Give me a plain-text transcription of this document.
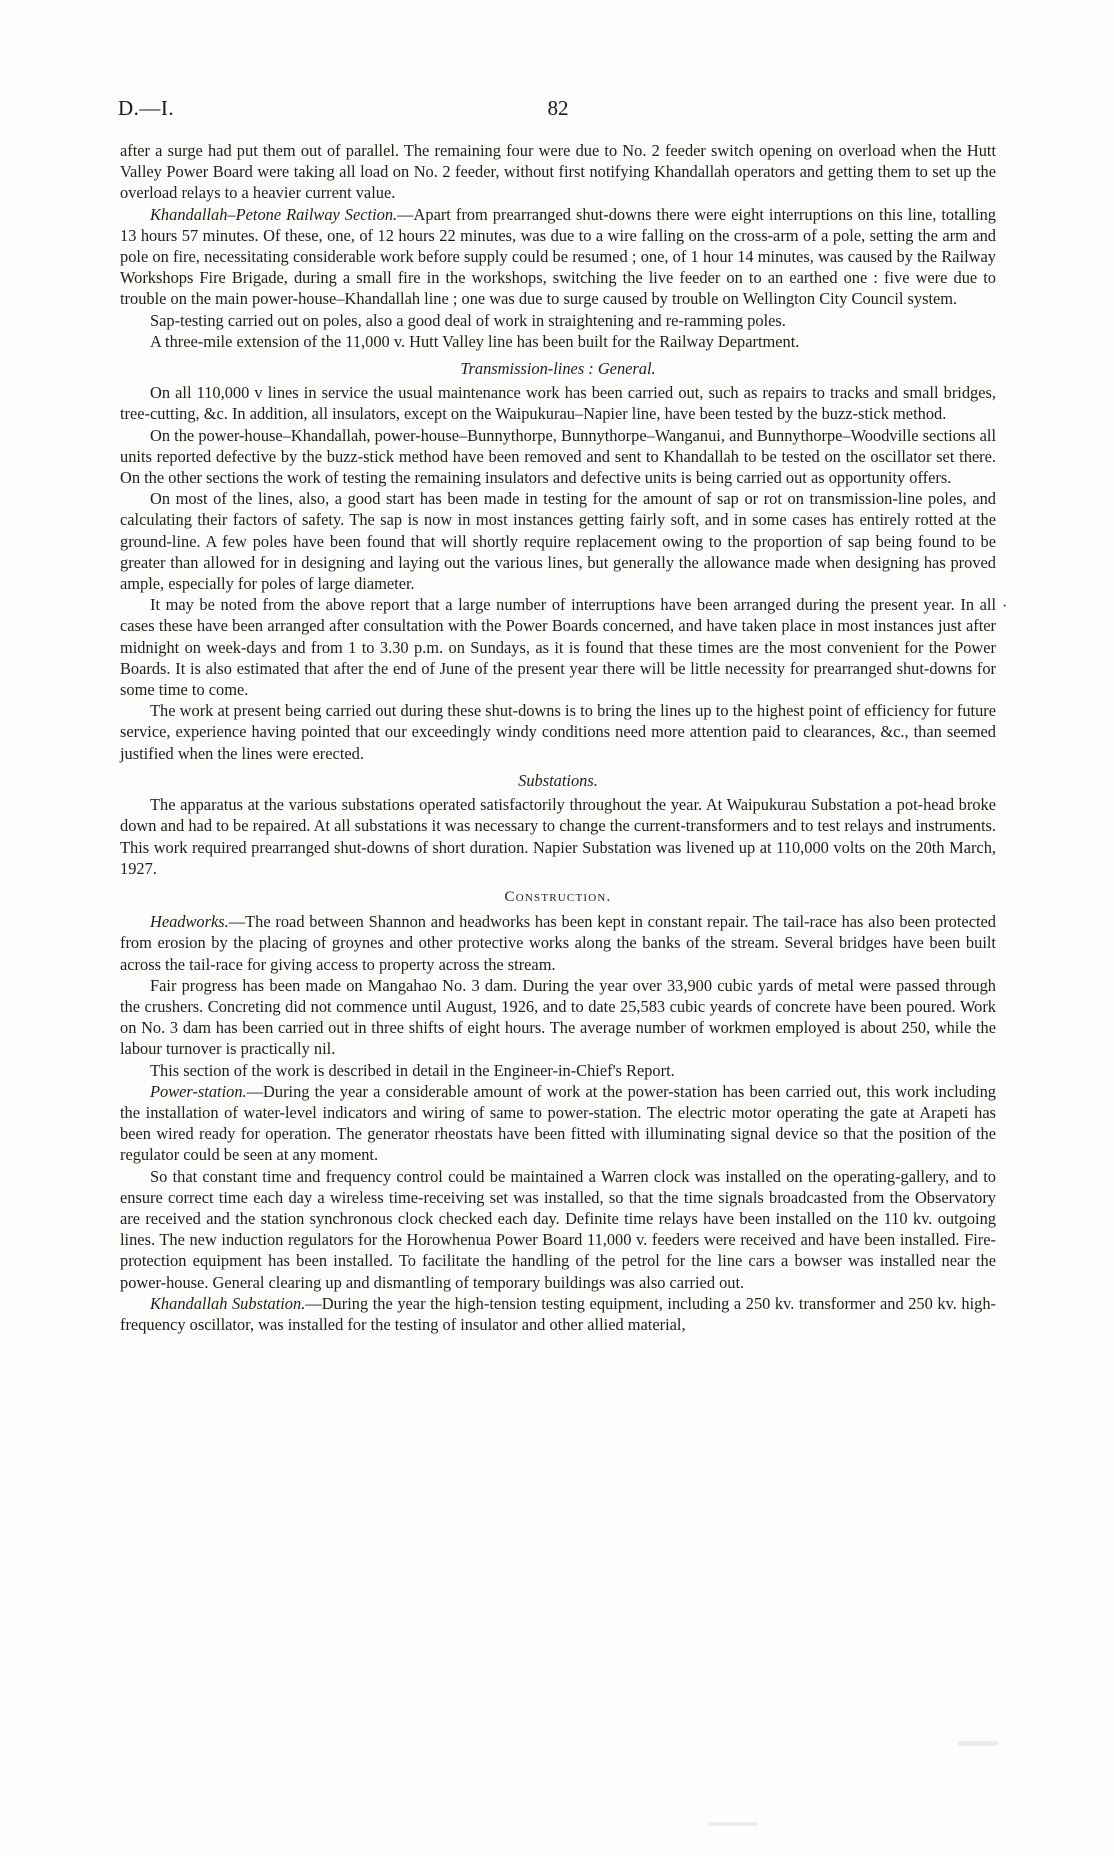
D.—I.	82

after a surge had put them out of parallel. The remaining four were due to No. 2 feeder switch opening on overload when the Hutt Valley Power Board were taking all load on No. 2 feeder, without first notifying Khandallah operators and getting them to set up the overload relays to a heavier current value.

Khandallah–Petone Railway Section.—Apart from prearranged shut-downs there were eight interruptions on this line, totalling 13 hours 57 minutes. Of these, one, of 12 hours 22 minutes, was due to a wire falling on the cross-arm of a pole, setting the arm and pole on fire, necessitating considerable work before supply could be resumed ; one, of 1 hour 14 minutes, was caused by the Railway Workshops Fire Brigade, during a small fire in the workshops, switching the live feeder on to an earthed one : five were due to trouble on the main power-house–Khandallah line ; one was due to surge caused by trouble on Wellington City Council system.

Sap-testing carried out on poles, also a good deal of work in straightening and re-ramming poles.

A three-mile extension of the 11,000 v. Hutt Valley line has been built for the Railway Department.

Transmission-lines : General.

On all 110,000 v lines in service the usual maintenance work has been carried out, such as repairs to tracks and small bridges, tree-cutting, &c. In addition, all insulators, except on the Waipukurau–Napier line, have been tested by the buzz-stick method.

On the power-house–Khandallah, power-house–Bunnythorpe, Bunnythorpe–Wanganui, and Bunnythorpe–Woodville sections all units reported defective by the buzz-stick method have been removed and sent to Khandallah to be tested on the oscillator set there. On the other sections the work of testing the remaining insulators and defective units is being carried out as opportunity offers.

On most of the lines, also, a good start has been made in testing for the amount of sap or rot on transmission-line poles, and calculating their factors of safety. The sap is now in most instances getting fairly soft, and in some cases has entirely rotted at the ground-line. A few poles have been found that will shortly require replacement owing to the proportion of sap being found to be greater than allowed for in designing and laying out the various lines, but generally the allowance made when designing has proved ample, especially for poles of large diameter.

It may be noted from the above report that a large number of interruptions have been arranged during the present year. In all cases these have been arranged after consultation with the Power Boards concerned, and have taken place in most instances just after midnight on week-days and from 1 to 3.30 p.m. on Sundays, as it is found that these times are the most convenient for the Power Boards. It is also estimated that after the end of June of the present year there will be little necessity for prearranged shut-downs for some time to come.

The work at present being carried out during these shut-downs is to bring the lines up to the highest point of efficiency for future service, experience having pointed that our exceedingly windy conditions need more attention paid to clearances, &c., than seemed justified when the lines were erected.

Substations.

The apparatus at the various substations operated satisfactorily throughout the year. At Waipukurau Substation a pot-head broke down and had to be repaired. At all substations it was necessary to change the current-transformers and to test relays and instruments. This work required prearranged shut-downs of short duration. Napier Substation was livened up at 110,000 volts on the 20th March, 1927.

Construction.

Headworks.—The road between Shannon and headworks has been kept in constant repair. The tail-race has also been protected from erosion by the placing of groynes and other protective works along the banks of the stream. Several bridges have been built across the tail-race for giving access to property across the stream.

Fair progress has been made on Mangahao No. 3 dam. During the year over 33,900 cubic yards of metal were passed through the crushers. Concreting did not commence until August, 1926, and to date 25,583 cubic yeards of concrete have been poured. Work on No. 3 dam has been carried out in three shifts of eight hours. The average number of workmen employed is about 250, while the labour turnover is practically nil.

This section of the work is described in detail in the Engineer-in-Chief's Report.

Power-station.—During the year a considerable amount of work at the power-station has been carried out, this work including the installation of water-level indicators and wiring of same to power-station. The electric motor operating the gate at Arapeti has been wired ready for operation. The generator rheostats have been fitted with illuminating signal device so that the position of the regulator could be seen at any moment.

So that constant time and frequency control could be maintained a Warren clock was installed on the operating-gallery, and to ensure correct time each day a wireless time-receiving set was installed, so that the time signals broadcasted from the Observatory are received and the station synchronous clock checked each day. Definite time relays have been installed on the 110 kv. outgoing lines. The new induction regulators for the Horowhenua Power Board 11,000 v. feeders were received and have been installed. Fire-protection equipment has been installed. To facilitate the handling of the petrol for the line cars a bowser was installed near the power-house. General clearing up and dismantling of temporary buildings was also carried out.

Khandallah Substation.—During the year the high-tension testing equipment, including a 250 kv. transformer and 250 kv. high-frequency oscillator, was installed for the testing of insulator and other allied material,

·
